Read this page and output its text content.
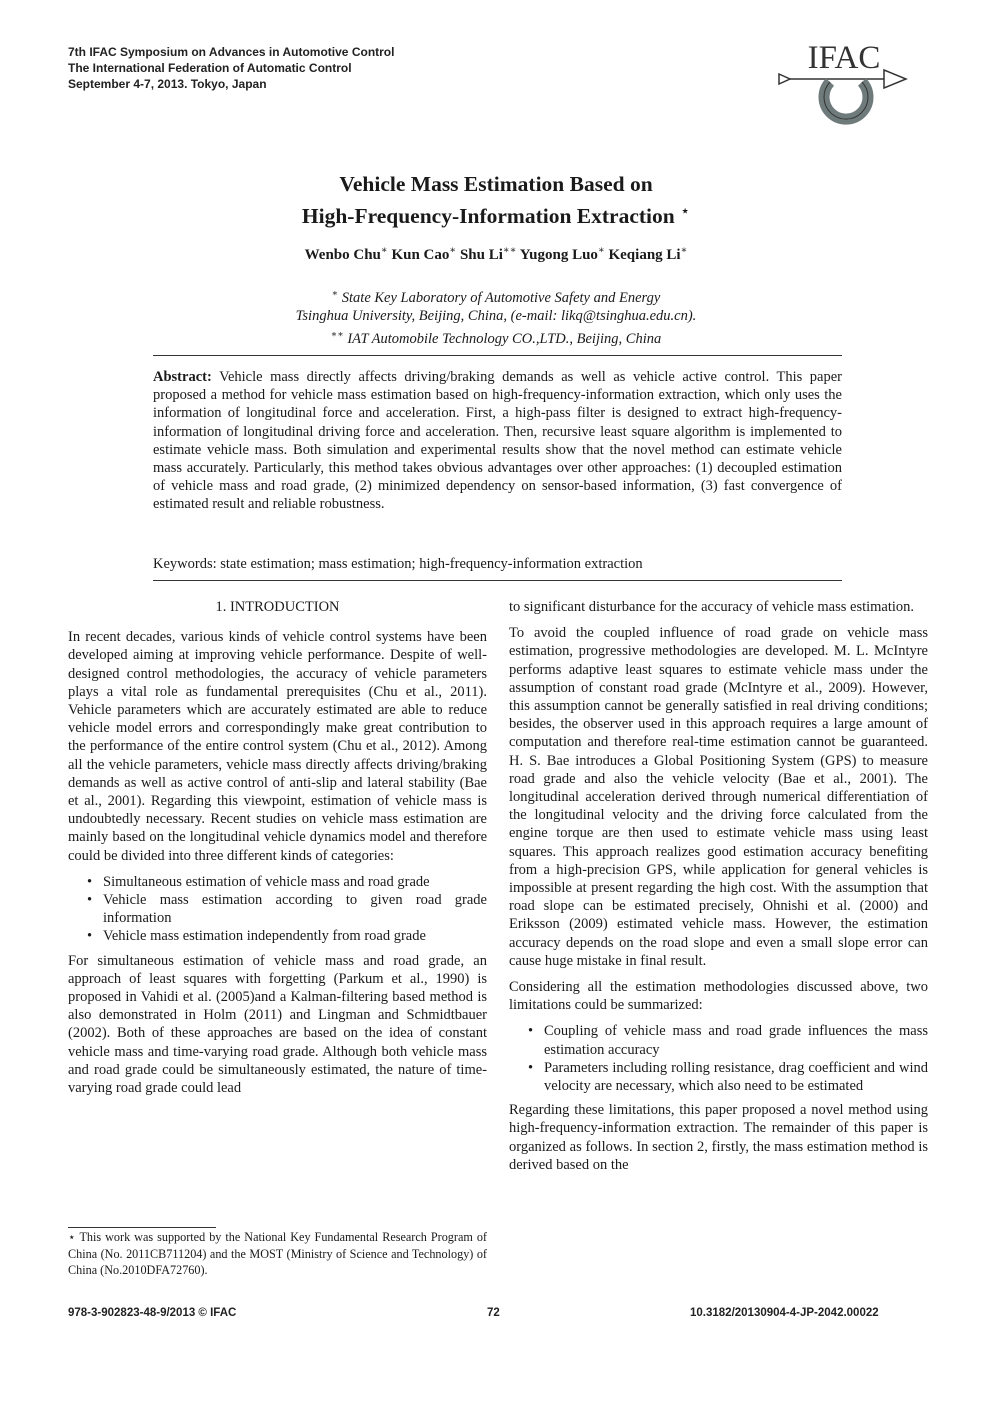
7th IFAC Symposium on Advances in Automotive Control
The International Federation of Automatic Control
September 4-7, 2013. Tokyo, Japan
IFAC
Vehicle Mass Estimation Based on
High-Frequency-Information Extraction ⋆
Wenbo Chu∗ Kun Cao∗ Shu Li∗∗ Yugong Luo∗ Keqiang Li∗
∗ State Key Laboratory of Automotive Safety and Energy
Tsinghua University, Beijing, China, (e-mail: likq@tsinghua.edu.cn).
∗∗ IAT Automobile Technology CO.,LTD., Beijing, China
Abstract: Vehicle mass directly affects driving/braking demands as well as vehicle active control. This paper proposed a method for vehicle mass estimation based on high-frequency-information extraction, which only uses the information of longitudinal force and acceleration. First, a high-pass filter is designed to extract high-frequency-information of longitudinal driving force and acceleration. Then, recursive least square algorithm is implemented to estimate vehicle mass. Both simulation and experimental results show that the novel method can estimate vehicle mass accurately. Particularly, this method takes obvious advantages over other approaches: (1) decoupled estimation of vehicle mass and road grade, (2) minimized dependency on sensor-based information, (3) fast convergence of estimated result and reliable robustness.
Keywords: state estimation; mass estimation; high-frequency-information extraction
1. INTRODUCTION

In recent decades, various kinds of vehicle control systems have been developed aiming at improving vehicle performance. Despite of well-designed control methodologies, the accuracy of vehicle parameters plays a vital role as fundamental prerequisites (Chu et al., 2011). Vehicle parameters which are accurately estimated are able to reduce vehicle model errors and correspondingly make great contribution to the performance of the entire control system (Chu et al., 2012). Among all the vehicle parameters, vehicle mass directly affects driving/braking demands as well as active control of anti-slip and lateral stability (Bae et al., 2001). Regarding this viewpoint, estimation of vehicle mass is undoubtedly necessary. Recent studies on vehicle mass estimation are mainly based on the longitudinal vehicle dynamics model and therefore could be divided into three different kinds of categories:

• Simultaneous estimation of vehicle mass and road grade
• Vehicle mass estimation according to given road grade information
• Vehicle mass estimation independently from road grade

For simultaneous estimation of vehicle mass and road grade, an approach of least squares with forgetting (Parkum et al., 1990) is proposed in Vahidi et al. (2005)and a Kalman-filtering based method is also demonstrated in Holm (2011) and Lingman and Schmidtbauer (2002). Both of these approaches are based on the idea of constant vehicle mass and time-varying road grade. Although both vehicle mass and road grade could be simultaneously estimated, the nature of time-varying road grade could lead

to significant disturbance for the accuracy of vehicle mass estimation.

To avoid the coupled influence of road grade on vehicle mass estimation, progressive methodologies are developed. M. L. McIntyre performs adaptive least squares to estimate vehicle mass under the assumption of constant road grade (McIntyre et al., 2009). However, this assumption cannot be generally satisfied in real driving conditions; besides, the observer used in this approach requires a large amount of computation and therefore real-time estimation cannot be guaranteed. H. S. Bae introduces a Global Positioning System (GPS) to measure road grade and also the vehicle velocity (Bae et al., 2001). The longitudinal acceleration derived through numerical differentiation of the longitudinal velocity and the driving force calculated from the engine torque are then used to estimate vehicle mass using least squares. This approach realizes good estimation accuracy benefiting from a high-precision GPS, while application for general vehicles is impossible at present regarding the high cost. With the assumption that road slope can be estimated precisely, Ohnishi et al. (2000) and Eriksson (2009) estimated vehicle mass. However, the estimation accuracy depends on the road slope and even a small slope error can cause huge mistake in final result.

Considering all the estimation methodologies discussed above, two limitations could be summarized:

• Coupling of vehicle mass and road grade influences the mass estimation accuracy
• Parameters including rolling resistance, drag coefficient and wind velocity are necessary, which also need to be estimated

Regarding these limitations, this paper proposed a novel method using high-frequency-information extraction. The remainder of this paper is organized as follows. In section 2, firstly, the mass estimation method is derived based on the

⋆ This work was supported by the National Key Fundamental Research Program of China (No. 2011CB711204) and the MOST (Ministry of Science and Technology) of China (No.2010DFA72760).
978-3-902823-48-9/2013 © IFAC	72	10.3182/20130904-4-JP-2042.00022
